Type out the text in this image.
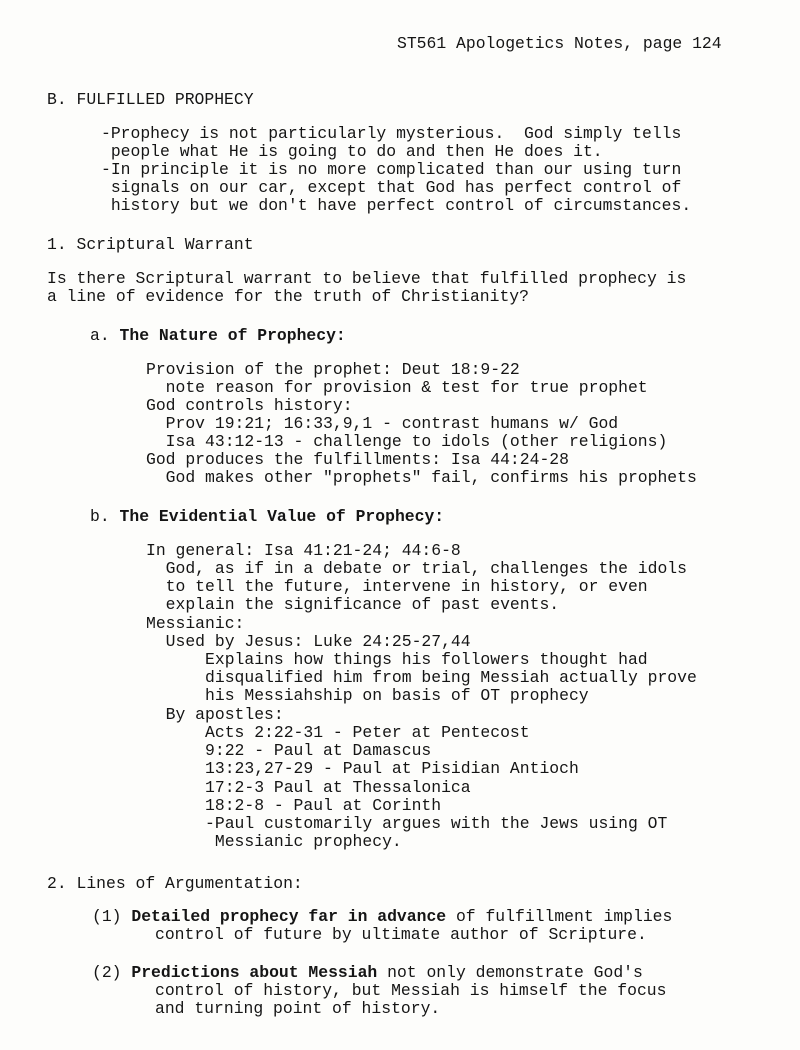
ST561 Apologetics Notes, page 124
B. FULFILLED PROPHECY
-Prophecy is not particularly mysterious.  God simply tells
people what He is going to do and then He does it.
-In principle it is no more complicated than our using turn
signals on our car, except that God has perfect control of
history but we don't have perfect control of circumstances.
1. Scriptural Warrant
Is there Scriptural warrant to believe that fulfilled prophecy is
a line of evidence for the truth of Christianity?
a. The Nature of Prophecy:
Provision of the prophet: Deut 18:9-22
note reason for provision & test for true prophet
God controls history:
Prov 19:21; 16:33,9,1 - contrast humans w/ God
Isa 43:12-13 - challenge to idols (other religions)
God produces the fulfillments: Isa 44:24-28
God makes other "prophets" fail, confirms his prophets
b. The Evidential Value of Prophecy:
In general: Isa 41:21-24; 44:6-8
God, as if in a debate or trial, challenges the idols
to tell the future, intervene in history, or even
explain the significance of past events.
Messianic:
Used by Jesus: Luke 24:25-27,44
Explains how things his followers thought had
disqualified him from being Messiah actually prove
his Messiahship on basis of OT prophecy
By apostles:
Acts 2:22-31 - Peter at Pentecost
9:22 - Paul at Damascus
13:23,27-29 - Paul at Pisidian Antioch
17:2-3 Paul at Thessalonica
18:2-8 - Paul at Corinth
-Paul customarily argues with the Jews using OT
Messianic prophecy.
2. Lines of Argumentation:
(1) Detailed prophecy far in advance of fulfillment implies
control of future by ultimate author of Scripture.
(2) Predictions about Messiah not only demonstrate God's
control of history, but Messiah is himself the focus
and turning point of history.
